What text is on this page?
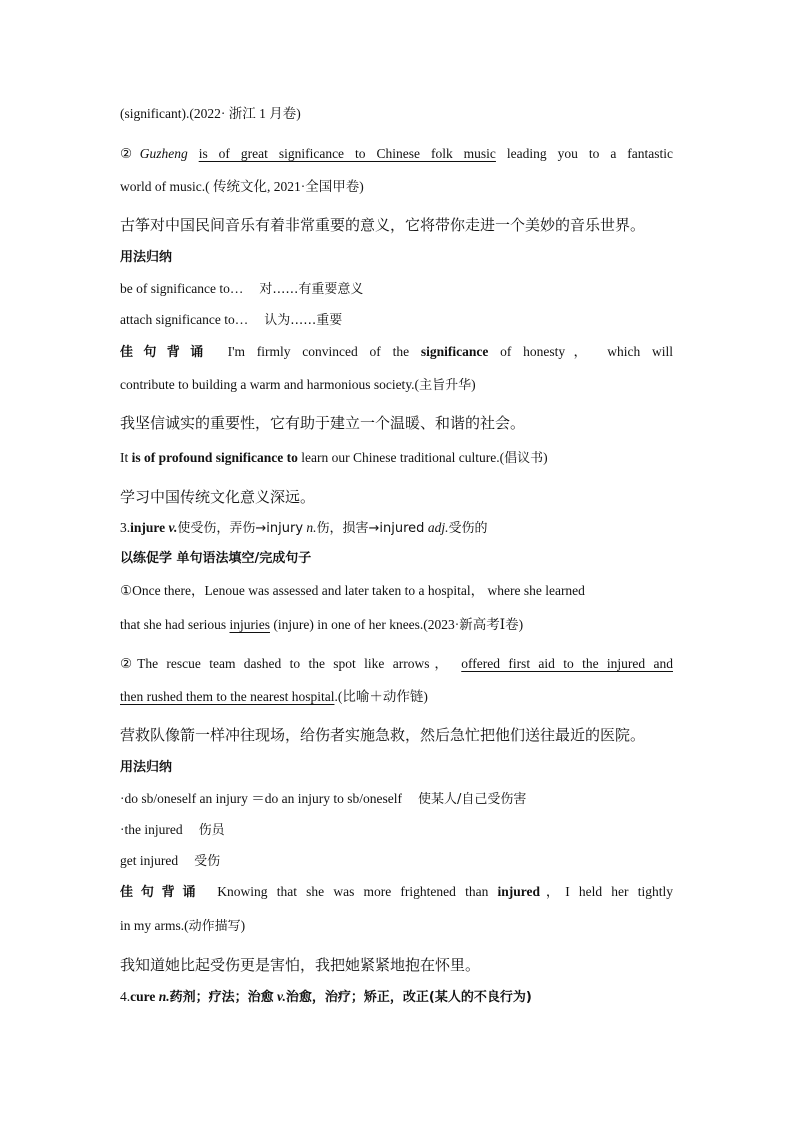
(significant).(2022· 浙江 1 月卷)
②Guzheng is of great significance to Chinese folk music leading you to a fantastic
world of music.( 传统文化, 2021·全国甲卷)
古筝对中国民间音乐有着非常重要的意义，它将带你走进一个美妙的音乐世界。
用法归纳
be of significance to… 对……有重要意义
attach significance to… 认为……重要
佳句背诵 I'm firmly convinced of the significance of honesty， which will
contribute to building a warm and harmonious society.(主旨升华)
我坚信诚实的重要性，它有助于建立一个温暖、和谐的社会。
It is of profound significance to learn our Chinese traditional culture.(倡议书)
学习中国传统文化意义深远。
3.injure v.使受伤，弄伤→injury n.伤，损害→injured adj.受伤的
以练促学 单句语法填空/完成句子
①Once there，Lenoue was assessed and later taken to a hospital， where she learned
that she had serious injuries (injure) in one of her knees.(2023·新高考Ⅰ卷)
②The rescue team dashed to the spot like arrows， offered first aid to the injured and
then rushed them to the nearest hospital.(比喻＋动作链)
营救队像箭一样冲往现场，给伤者实施急救，然后急忙把他们送往最近的医院。
用法归纳
·do sb/oneself an injury ＝do an injury to sb/oneself 使某人/自己受伤害
·the injured 伤员
get injured 受伤
佳句背诵 Knowing that she was more frightened than injured，I held her tightly
in my arms.(动作描写)
我知道她比起受伤更是害怕，我把她紧紧地抱在怀里。
4.cure n.药剂；疗法；治愈 v.治愈，治疗；矫正，改正(某人的不良行为)
